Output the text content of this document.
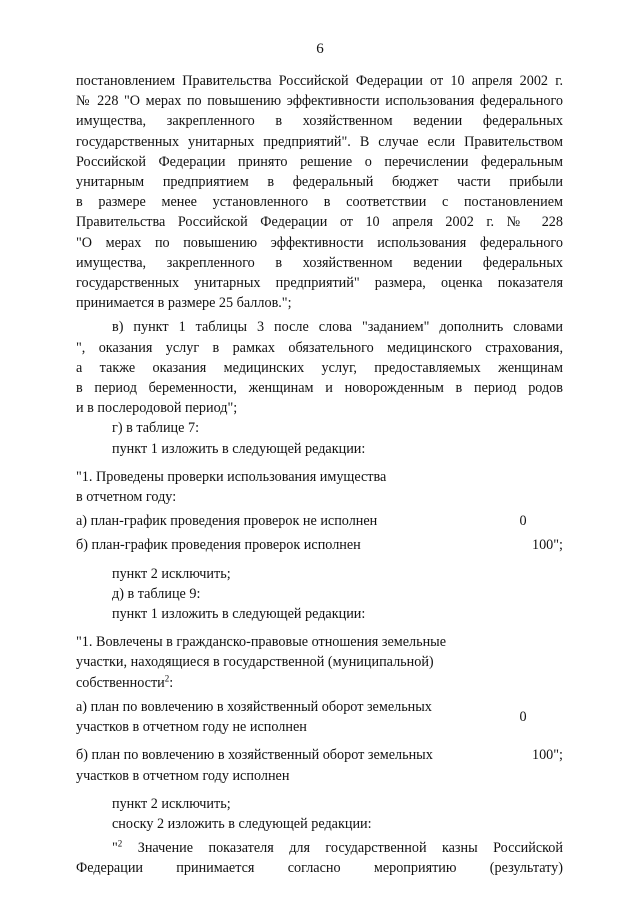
6
постановлением Правительства Российской Федерации от 10 апреля 2002 г.
№ 228 "О мерах по повышению эффективности использования федерального
имущества, закрепленного в хозяйственном ведении федеральных
государственных унитарных предприятий". В случае если Правительством
Российской Федерации принято решение о перечислении федеральным
унитарным предприятием в федеральный бюджет части прибыли
в размере менее установленного в соответствии с постановлением
Правительства Российской Федерации от 10 апреля 2002 г. № 228
"О мерах по повышению эффективности использования федерального
имущества, закрепленного в хозяйственном ведении федеральных
государственных унитарных предприятий" размера, оценка показателя
принимается в размере 25 баллов.";
в) пункт 1 таблицы 3 после слова "заданием" дополнить словами
", оказания услуг в рамках обязательного медицинского страхования,
а также оказания медицинских услуг, предоставляемых женщинам
в период беременности, женщинам и новорожденным в период родов
и в послеродовой период";

г) в таблице 7:

пункт 1 изложить в следующей редакции:

"1. Проведены проверки использования имущества
в отчетном году:

а) план-график проведения проверок не исполнен	0
б) план-график проведения проверок исполнен	100";

пункт 2 исключить;

д) в таблице 9:

пункт 1 изложить в следующей редакции:

"1. Вовлечены в гражданско-правовые отношения земельные
участки, находящиеся в государственной (муниципальной)
собственности$^2$:

а) план по вовлечению в хозяйственный оборот земельных
участков в отчетном году не исполнен
0
б) план по вовлечению в хозяйственный оборот земельных
участков в отчетном году исполнен
100";

пункт 2 исключить;

сноску 2 изложить в следующей редакции:

"$^2$ Значение показателя для государственной казны Российской
Федерации принимается согласно мероприятию (результату)
